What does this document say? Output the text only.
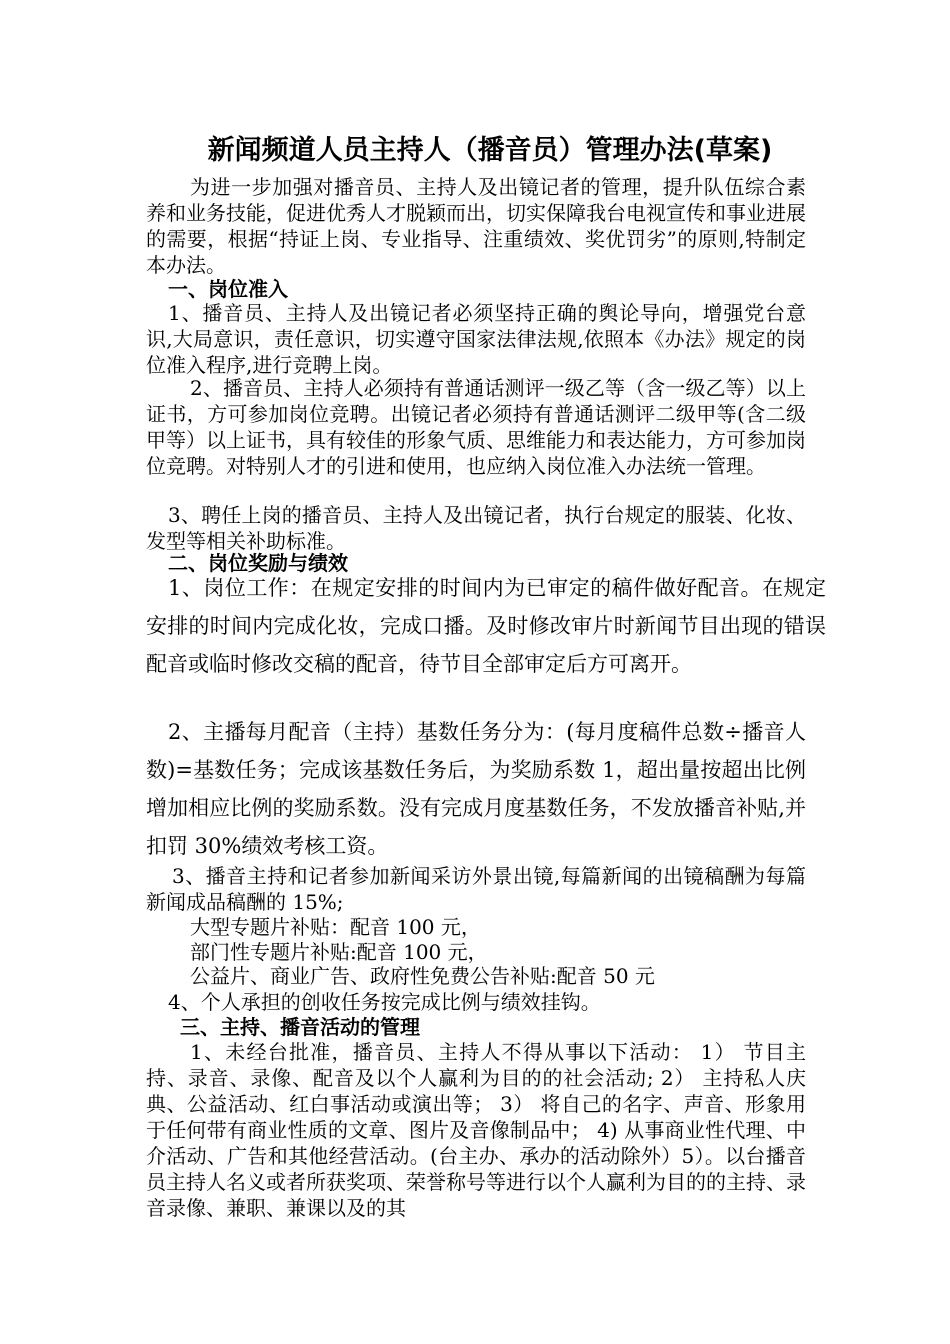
新闻频道人员主持人（播音员）管理办法(草案)
为进一步加强对播音员、主持人及出镜记者的管理，提升队伍综合素养和业务技能，促进优秀人才脱颖而出，切实保障我台电视宣传和事业进展的需要，根据“持证上岗、专业指导、注重绩效、奖优罚劣”的原则,特制定本办法。
一、岗位准入
1、播音员、主持人及出镜记者必须坚持正确的舆论导向，增强党台意识,大局意识，责任意识，切实遵守国家法律法规,依照本《办法》规定的岗位准入程序,进行竞聘上岗。
2、播音员、主持人必须持有普通话测评一级乙等（含一级乙等）以上证书，方可参加岗位竞聘。出镜记者必须持有普通话测评二级甲等(含二级甲等）以上证书，具有较佳的形象气质、思维能力和表达能力，方可参加岗位竞聘。对特别人才的引进和使用，也应纳入岗位准入办法统一管理。
3、聘任上岗的播音员、主持人及出镜记者，执行台规定的服装、化妆、发型等相关补助标准。
二、岗位奖励与绩效
1、岗位工作：在规定安排的时间内为已审定的稿件做好配音。在规定安排的时间内完成化妆，完成口播。及时修改审片时新闻节目出现的错误配音或临时修改交稿的配音，待节目全部审定后方可离开。
2、主播每月配音（主持）基数任务分为：(每月度稿件总数÷播音人数)=基数任务；完成该基数任务后，为奖励系数 1，超出量按超出比例增加相应比例的奖励系数。没有完成月度基数任务，不发放播音补贴,并扣罚 30%绩效考核工资。
3、播音主持和记者参加新闻采访外景出镜,每篇新闻的出镜稿酬为每篇新闻成品稿酬的 15%;
大型专题片补贴：配音 100 元，
部门性专题片补贴:配音 100 元，
公益片、商业广告、政府性免费公告补贴:配音 50 元
4、个人承担的创收任务按完成比例与绩效挂钩。
三、主持、播音活动的管理
1、未经台批准，播音员、主持人不得从事以下活动： 1） 节目主持、录音、录像、配音及以个人赢利为目的的社会活动; 2） 主持私人庆典、公益活动、红白事活动或演出等； 3） 将自己的名字、声音、形象用于任何带有商业性质的文章、图片及音像制品中； 4) 从事商业性代理、中介活动、广告和其他经营活动。(台主办、承办的活动除外）5）。以台播音员主持人名义或者所获奖项、荣誉称号等进行以个人赢利为目的的主持、录音录像、兼职、兼课以及的其
